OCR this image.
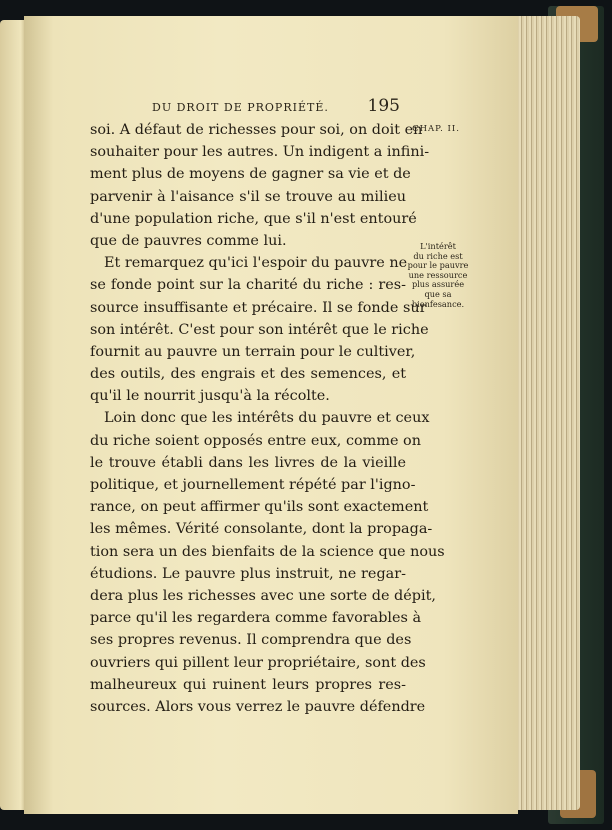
DU DROIT DE PROPRIÉTÉ. 195
CHAP. II.
L'intérêt
du riche est
pour le pauvre
une ressource
plus assurée
que sa
bienfesance.
soi. A défaut de richesses pour soi, on doit en
souhaiter pour les autres. Un indigent a infini-
ment plus de moyens de gagner sa vie et de
parvenir à l'aisance s'il se trouve au milieu
d'une population riche, que s'il n'est entouré
que de pauvres comme lui.
Et remarquez qu'ici l'espoir du pauvre ne
se fonde point sur la charité du riche : res-
source insuffisante et précaire. Il se fonde sur
son intérêt. C'est pour son intérêt que le riche
fournit au pauvre un terrain pour le cultiver,
des outils, des engrais et des semences, et
qu'il le nourrit jusqu'à la récolte.
Loin donc que les intérêts du pauvre et ceux
du riche soient opposés entre eux, comme on
le trouve établi dans les livres de la vieille
politique, et journellement répété par l'igno-
rance, on peut affirmer qu'ils sont exactement
les mêmes. Vérité consolante, dont la propaga-
tion sera un des bienfaits de la science que nous
étudions. Le pauvre plus instruit, ne regar-
dera plus les richesses avec une sorte de dépit,
parce qu'il les regardera comme favorables à
ses propres revenus. Il comprendra que des
ouvriers qui pillent leur propriétaire, sont des
malheureux qui ruinent leurs propres res-
sources. Alors vous verrez le pauvre défendre
